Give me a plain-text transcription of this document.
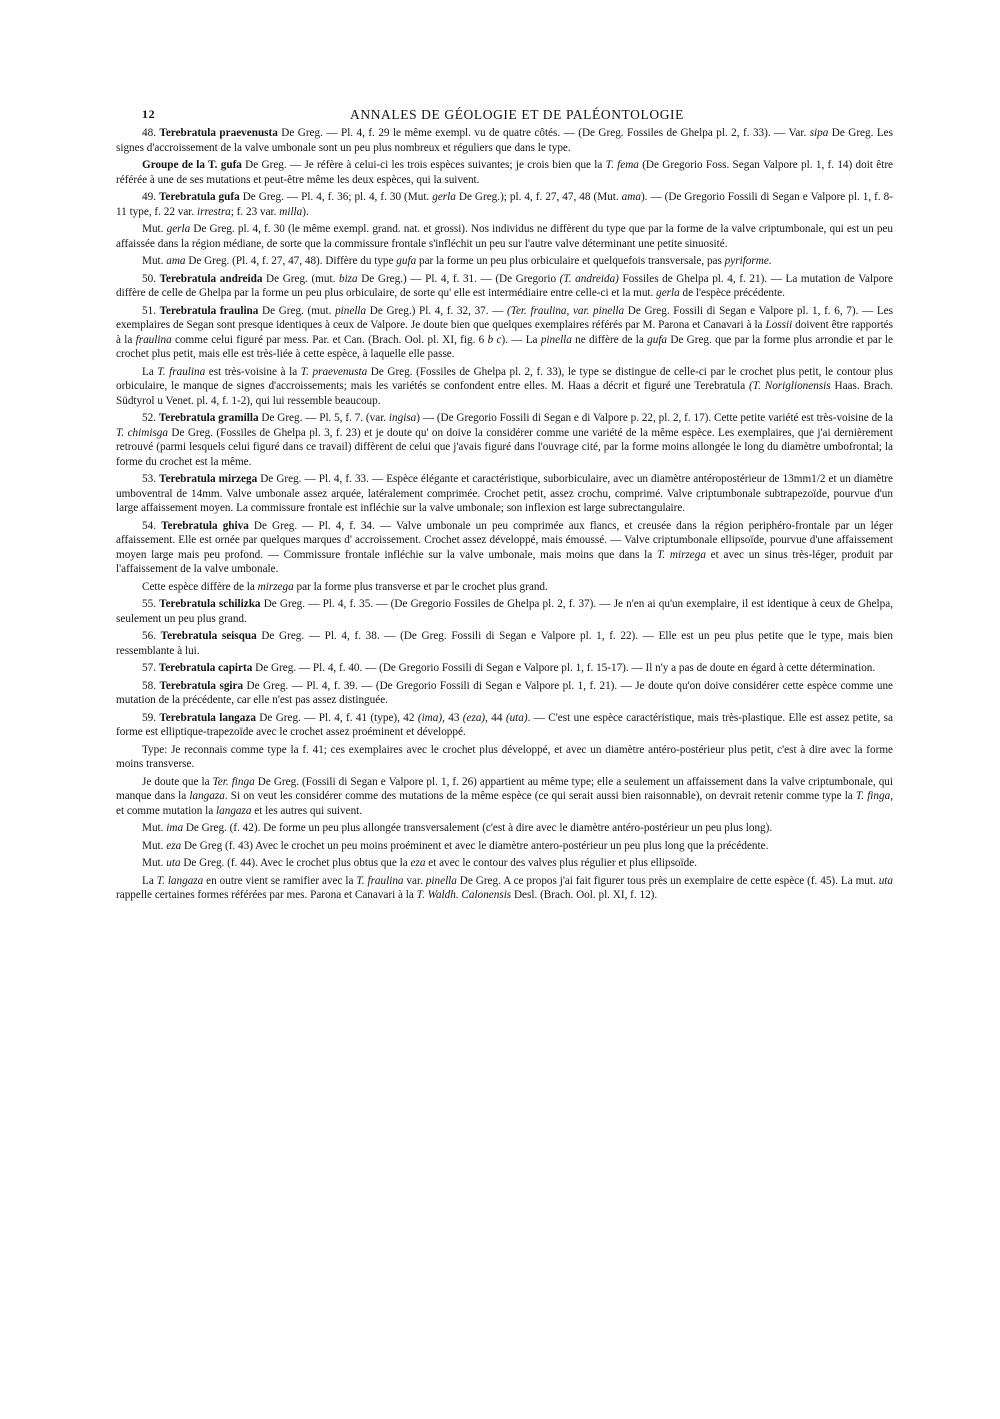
12	ANNALES DE GÉOLOGIE ET DE PALÉONTOLOGIE

48. Terebratula praevenusta De Greg. — Pl. 4, f. 29 le même exempl. vu de quatre côtés. — (De Greg. Fossiles de Ghelpa pl. 2, f. 33). — Var. sipa De Greg. Les signes d'accroissement de la valve umbonale sont un peu plus nombreux et réguliers que dans le type.

Groupe de la T. gufa De Greg. — Je réfère à celui-ci les trois espèces suivantes; je crois bien que la T. fema (De Gregorio Foss. Segan Valpore pl. 1, f. 14) doit être référée à une de ses mutations et peut-être même les deux espèces, qui la suivent.

49. Terebratula gufa De Greg. — Pl. 4, f. 36; pl. 4, f. 30 (Mut. gerla De Greg.); pl. 4, f. 27, 47, 48 (Mut. ama). — (De Gregorio Fossili di Segan e Valpore pl. 1, f. 8-11 type, f. 22 var. irrestra; f. 23 var. milla).

Mut. gerla De Greg. pl. 4, f. 30 (le même exempl. grand. nat. et grossi). Nos individus ne diffèrent du type que par la forme de la valve criptumbonale, qui est un peu affaissée dans la région médiane, de sorte que la commissure frontale s'infléchit un peu sur l'autre valve déterminant une petite sinuosité.

Mut. ama De Greg. (Pl. 4, f. 27, 47, 48). Diffère du type gufa par la forme un peu plus orbiculaire et quelquefois transversale, pas pyriforme.

50. Terebratula andreida De Greg. (mut. biza De Greg.) — Pl. 4, f. 31. — (De Gregorio (T. andreida) Fossiles de Ghelpa pl. 4, f. 21). — La mutation de Valpore diffère de celle de Ghelpa par la forme un peu plus orbiculaire, de sorte qu' elle est intermédiaire entre celle-ci et la mut. gerla de l'espèce précédente.

51. Terebratula fraulina De Greg. (mut. pinella De Greg.) Pl. 4, f. 32, 37. — (Ter. fraulina, var. pinella De Greg. Fossili di Segan e Valpore pl. 1, f. 6, 7). — Les exemplaires de Segan sont presque identiques à ceux de Valpore. Je doute bien que quelques exemplaires référés par M. Parona et Canavari à la Lossii doivent être rapportés à la fraulina comme celui figuré par mess. Par. et Can. (Brach. Ool. pl. XI, fig. 6 b c). — La pinella ne diffère de la gufa De Greg. que par la forme plus arrondie et par le crochet plus petit, mais elle est très-liée à cette espèce, à laquelle elle passe.

La T. fraulina est très-voisine à la T. praevenusta De Greg. (Fossiles de Ghelpa pl. 2, f. 33), le type se distingue de celle-ci par le crochet plus petit, le contour plus orbiculaire, le manque de signes d'accroissements; mais les variétés se confondent entre elles. M. Haas a décrit et figuré une Terebratula (T. Noriglionensis Haas. Brach. Südtyrol u Venet. pl. 4, f. 1-2), qui lui ressemble beaucoup.

52. Terebratula gramilla De Greg. — Pl. 5, f. 7. (var. ingisa) — (De Gregorio Fossili di Segan e di Valpore p. 22, pl. 2, f. 17). Cette petite variété est très-voisine de la T. chimisga De Greg. (Fossiles de Ghelpa pl. 3, f. 23) et je doute qu' on doive la considérer comme une variété de la même espèce. Les exemplaires, que j'ai dernièrement retrouvé (parmi lesquels celui figuré dans ce travail) diffèrent de celui que j'avais figuré dans l'ouvrage cité, par la forme moins allongée le long du diamètre umbofrontal; la forme du crochet est la même.

53. Terebratula mirzega De Greg. — Pl. 4, f. 33. — Espèce élégante et caractéristique, suborbiculaire, avec un diamètre antéropostérieur de 13mm1/2 et un diamètre umboventral de 14mm. Valve umbonale assez arquée, latéralement comprimée. Crochet petit, assez crochu, comprimé. Valve criptumbonale subtrapezoïde, pourvue d'un large affaissement moyen. La commissure frontale est infléchie sur la valve umbonale; son inflexion est large subrectangulaire.

54. Terebratula ghiva De Greg. — Pl. 4, f. 34. — Valve umbonale un peu comprimée aux flancs, et creusée dans la région periphéro-frontale par un léger affaissement. Elle est ornée par quelques marques d' accroissement. Crochet assez développé, mais émoussé. — Valve criptumbonale ellipsoïde, pourvue d'une affaissement moyen large mais peu profond. — Commissure frontale infléchie sur la valve umbonale, mais moins que dans la T. mirzega et avec un sinus très-léger, produit par l'affaissement de la valve umbonale.

Cette espèce diffère de la mirzega par la forme plus transverse et par le crochet plus grand.

55. Terebratula schilizka De Greg. — Pl. 4, f. 35. — (De Gregorio Fossiles de Ghelpa pl. 2, f. 37). — Je n'en ai qu'un exemplaire, il est identique à ceux de Ghelpa, seulement un peu plus grand.

56. Terebratula seisqua De Greg. — Pl. 4, f. 38. — (De Greg. Fossili di Segan e Valpore pl. 1, f. 22). — Elle est un peu plus petite que le type, mais bien ressemblante à lui.

57. Terebratula capirta De Greg. — Pl. 4, f. 40. — (De Gregorio Fossili di Segan e Valpore pl. 1, f. 15-17). — Il n'y a pas de doute en égard à cette détermination.

58. Terebratula sgira De Greg. — Pl. 4, f. 39. — (De Gregorio Fossili di Segan e Valpore pl. 1, f. 21). — Je doute qu'on doive considérer cette espèce comme une mutation de la précédente, car elle n'est pas assez distinguée.

59. Terebratula langaza De Greg. — Pl. 4, f. 41 (type), 42 (ima), 43 (eza), 44 (uta). — C'est une espèce caractéristique, mais très-plastique. Elle est assez petite, sa forme est elliptique-trapezoïde avec le crochet assez proéminent et développé.

Type: Je reconnais comme type la f. 41; ces exemplaires avec le crochet plus développé, et avec un diamètre antéro-postérieur plus petit, c'est à dire avec la forme moins transverse.

Je doute que la Ter. finga De Greg. (Fossili di Segan e Valpore pl. 1, f. 26) appartient au même type; elle a seulement un affaissement dans la valve criptumbonale, qui manque dans la langaza. Si on veut les considérer comme des mutations de la même espèce (ce qui serait aussi bien raisonnable), on devrait retenir comme type la T. finga, et comme mutation la langaza et les autres qui suivent.

Mut. ima De Greg. (f. 42). De forme un peu plus allongée transversalement (c'est à dire avec le diamètre antéro-postérieur un peu plus long).

Mut. eza De Greg (f. 43) Avec le crochet un peu moins proéminent et avec le diamètre antero-postérieur un peu plus long que la précédente.

Mut. uta De Greg. (f. 44). Avec le crochet plus obtus que la eza et avec le contour des valves plus régulier et plus ellipsoïde.

La T. langaza en outre vient se ramifier avec la T. fraulina var. pinella De Greg. A ce propos j'ai fait figurer tous près un exemplaire de cette espèce (f. 45). La mut. uta rappelle certaines formes référées par mes. Parona et Canavari à la T. Waldh. Calonensis Desl. (Brach. Ool. pl. XI, f. 12).
